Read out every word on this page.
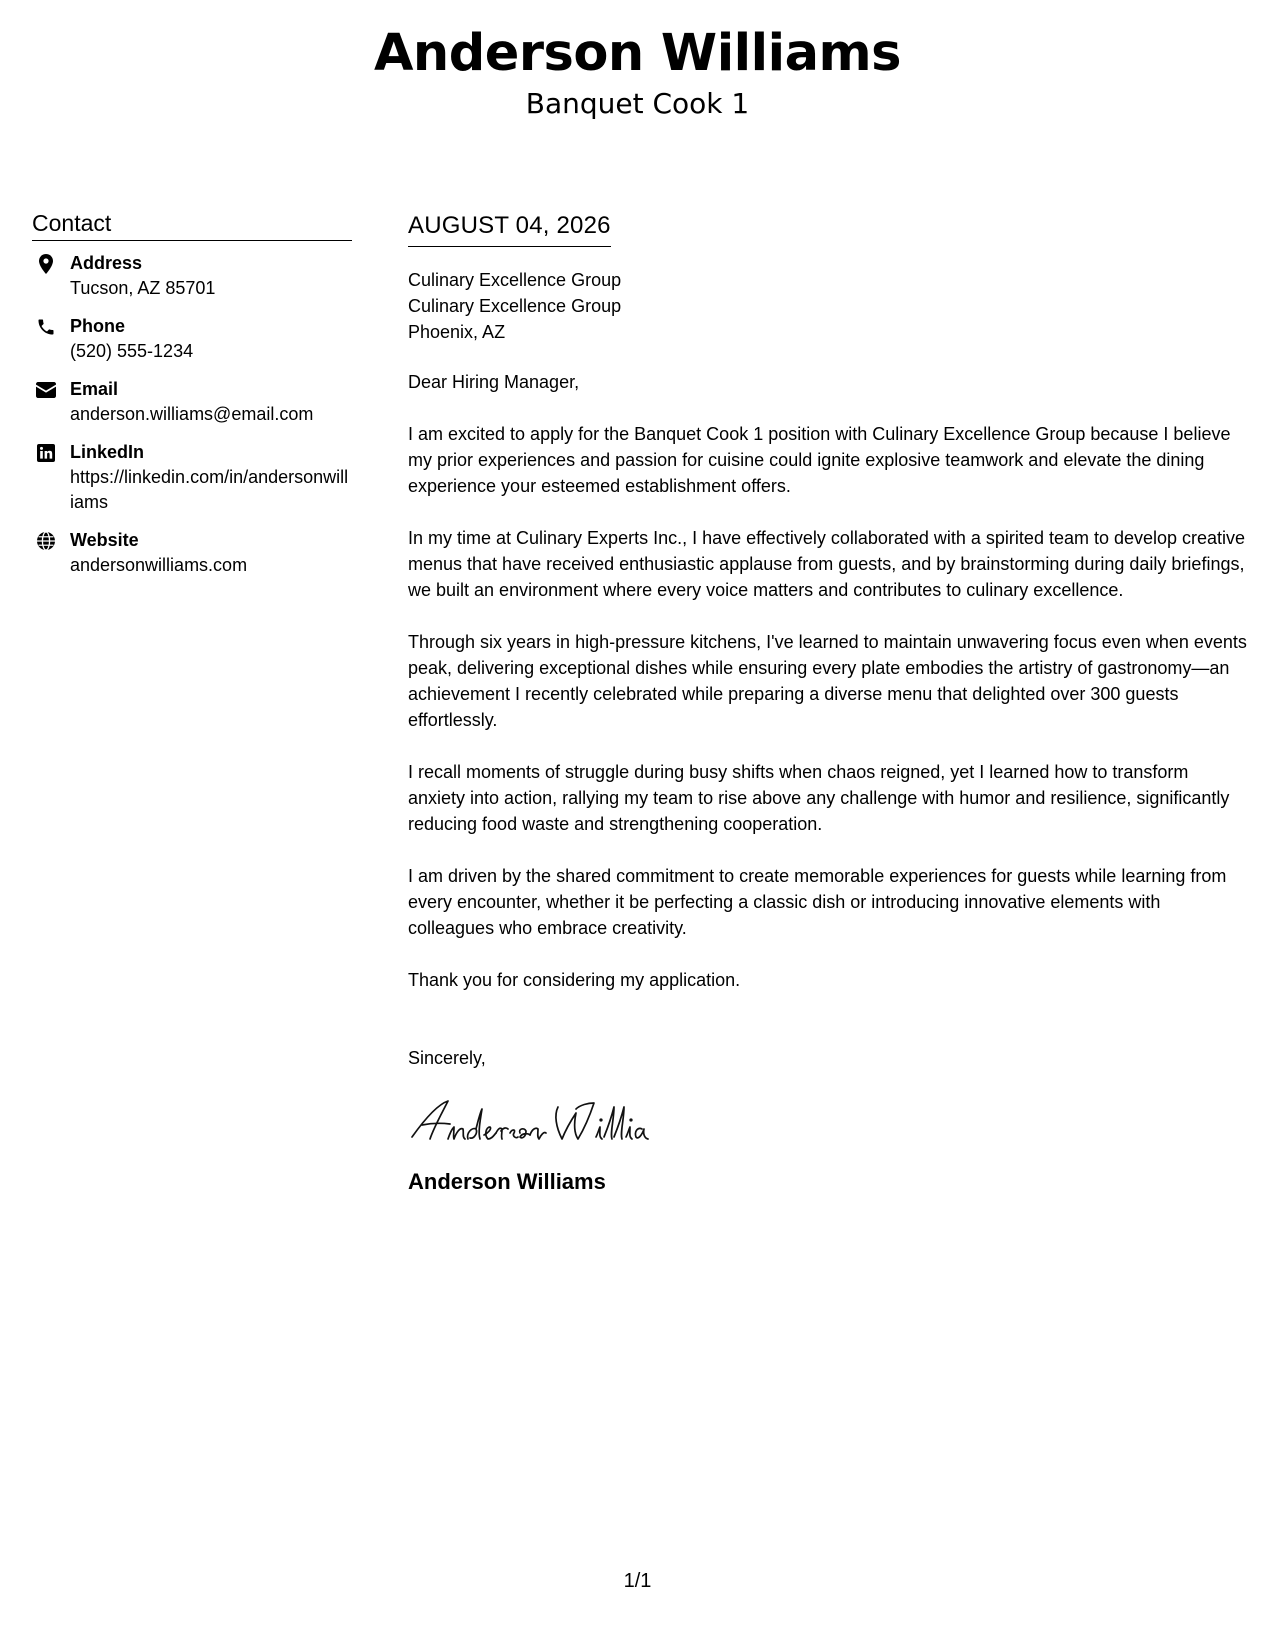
Anderson Williams
Banquet Cook 1
Contact
Address
Tucson, AZ 85701
Phone
(520) 555-1234
Email
anderson.williams@email.com
LinkedIn
https://linkedin.com/in/andersonwilliams
Website
andersonwilliams.com
AUGUST 04, 2026
Culinary Excellence Group
Culinary Excellence Group
Phoenix, AZ

Dear Hiring Manager,

I am excited to apply for the Banquet Cook 1 position with Culinary Excellence Group because I believe my prior experiences and passion for cuisine could ignite explosive teamwork and elevate the dining experience your esteemed establishment offers.

In my time at Culinary Experts Inc., I have effectively collaborated with a spirited team to develop creative menus that have received enthusiastic applause from guests, and by brainstorming during daily briefings, we built an environment where every voice matters and contributes to culinary excellence.

Through six years in high-pressure kitchens, I've learned to maintain unwavering focus even when events peak, delivering exceptional dishes while ensuring every plate embodies the artistry of gastronomy—an achievement I recently celebrated while preparing a diverse menu that delighted over 300 guests effortlessly.

I recall moments of struggle during busy shifts when chaos reigned, yet I learned how to transform anxiety into action, rallying my team to rise above any challenge with humor and resilience, significantly reducing food waste and strengthening cooperation.

I am driven by the shared commitment to create memorable experiences for guests while learning from every encounter, whether it be perfecting a classic dish or introducing innovative elements with colleagues who embrace creativity.

Thank you for considering my application.

Sincerely,

Anderson Williams
1/1
